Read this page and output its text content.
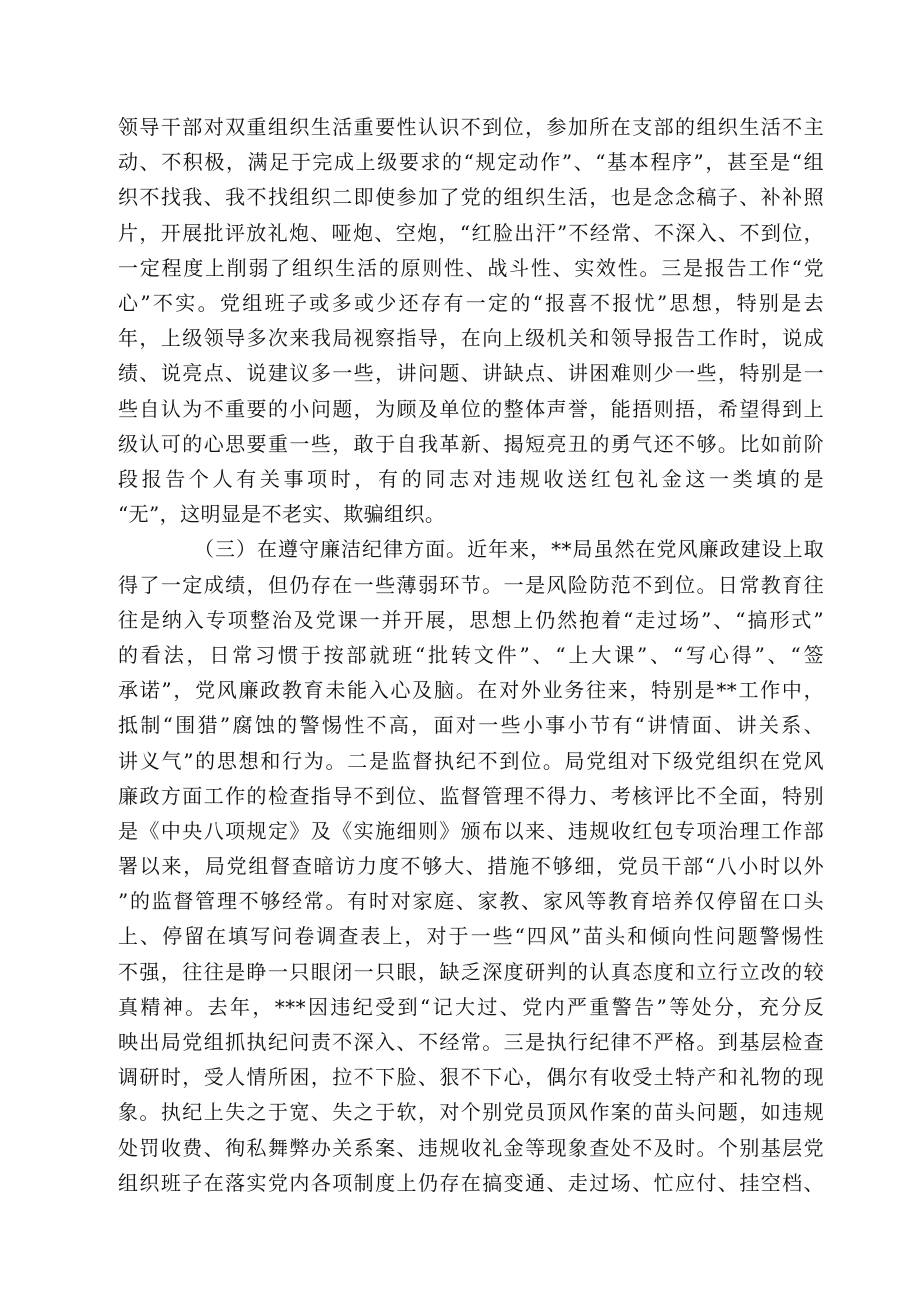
领导干部对双重组织生活重要性认识不到位，参加所在支部的组织生活不主
动、不积极，满足于完成上级要求的“规定动作”、“基本程序”，甚至是“组
织不找我、我不找组织二即使参加了党的组织生活，也是念念稿子、补补照
片，开展批评放礼炮、哑炮、空炮，“红脸出汗”不经常、不深入、不到位，
一定程度上削弱了组织生活的原则性、战斗性、实效性。三是报告工作“党
心”不实。党组班子或多或少还存有一定的“报喜不报忧”思想，特别是去
年，上级领导多次来我局视察指导，在向上级机关和领导报告工作时，说成
绩、说亮点、说建议多一些，讲问题、讲缺点、讲困难则少一些，特别是一
些自认为不重要的小问题，为顾及单位的整体声誉，能捂则捂，希望得到上
级认可的心思要重一些，敢于自我革新、揭短亮丑的勇气还不够。比如前阶
段报告个人有关事项时，有的同志对违规收送红包礼金这一类填的是
“无”，这明显是不老实、欺骗组织。
（三）在遵守廉洁纪律方面。近年来，**局虽然在党风廉政建设上取
得了一定成绩，但仍存在一些薄弱环节。一是风险防范不到位。日常教育往
往是纳入专项整治及党课一并开展，思想上仍然抱着“走过场”、“搞形式”
的看法，日常习惯于按部就班“批转文件”、“上大课”、“写心得”、“签
承诺”，党风廉政教育未能入心及脑。在对外业务往来，特别是**工作中，
抵制“围猎”腐蚀的警惕性不高，面对一些小事小节有“讲情面、讲关系、
讲义气”的思想和行为。二是监督执纪不到位。局党组对下级党组织在党风
廉政方面工作的检查指导不到位、监督管理不得力、考核评比不全面，特别
是《中央八项规定》及《实施细则》颁布以来、违规收红包专项治理工作部
署以来，局党组督查暗访力度不够大、措施不够细，党员干部“八小时以外
”的监督管理不够经常。有时对家庭、家教、家风等教育培养仅停留在口头
上、停留在填写问卷调查表上，对于一些“四风”苗头和倾向性问题警惕性
不强，往往是睁一只眼闭一只眼，缺乏深度研判的认真态度和立行立改的较
真精神。去年，***因违纪受到“记大过、党内严重警告”等处分，充分反
映出局党组抓执纪问责不深入、不经常。三是执行纪律不严格。到基层检查
调研时，受人情所困，拉不下脸、狠不下心，偶尔有收受土特产和礼物的现
象。执纪上失之于宽、失之于软，对个别党员顶风作案的苗头问题，如违规
处罚收费、徇私舞弊办关系案、违规收礼金等现象查处不及时。个别基层党
组织班子在落实党内各项制度上仍存在搞变通、走过场、忙应付、挂空档、
